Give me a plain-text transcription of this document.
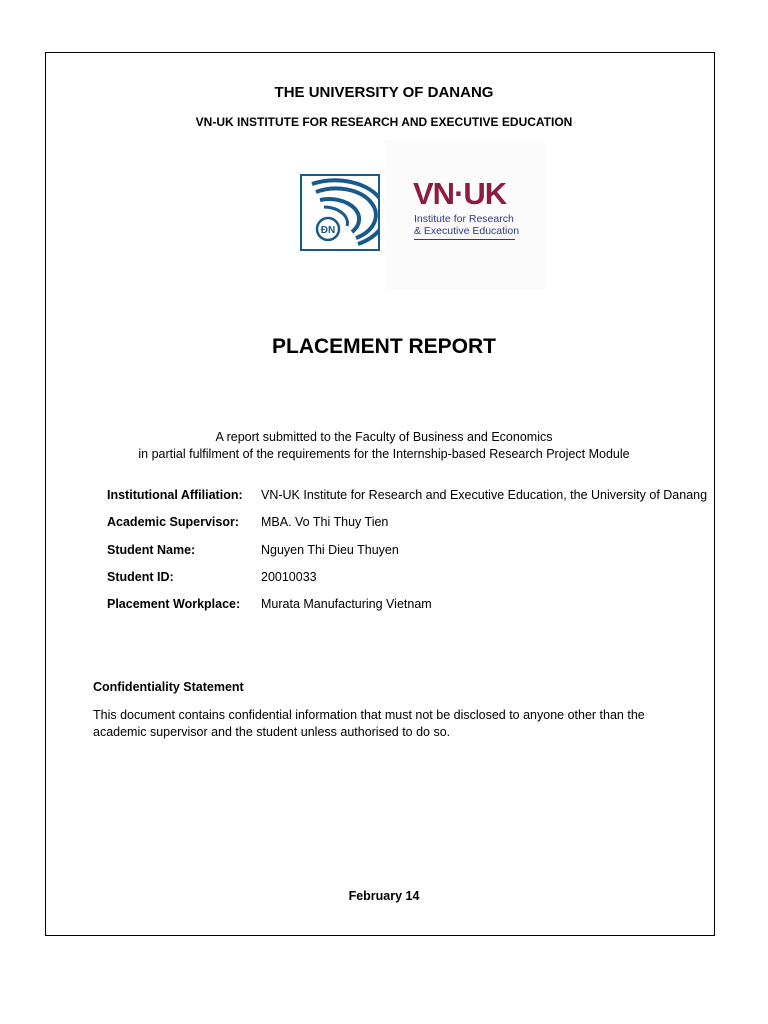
THE UNIVERSITY OF DANANG
VN-UK INSTITUTE FOR RESEARCH AND EXECUTIVE EDUCATION
ĐN
VN·UK
Institute for Research
& Executive Education
PLACEMENT REPORT
A report submitted to the Faculty of Business and Economics
in partial fulfilment of the requirements for the Internship-based Research Project Module
Institutional Affiliation: VN-UK Institute for Research and Executive Education, the University of Danang
Academic Supervisor: MBA. Vo Thi Thuy Tien
Student Name:	Nguyen Thi Dieu Thuyen
Student ID:	20010033
Placement Workplace: Murata Manufacturing Vietnam
Confidentiality Statement
This document contains confidential information that must not be disclosed to anyone other than the academic supervisor and the student unless authorised to do so.
February 14
